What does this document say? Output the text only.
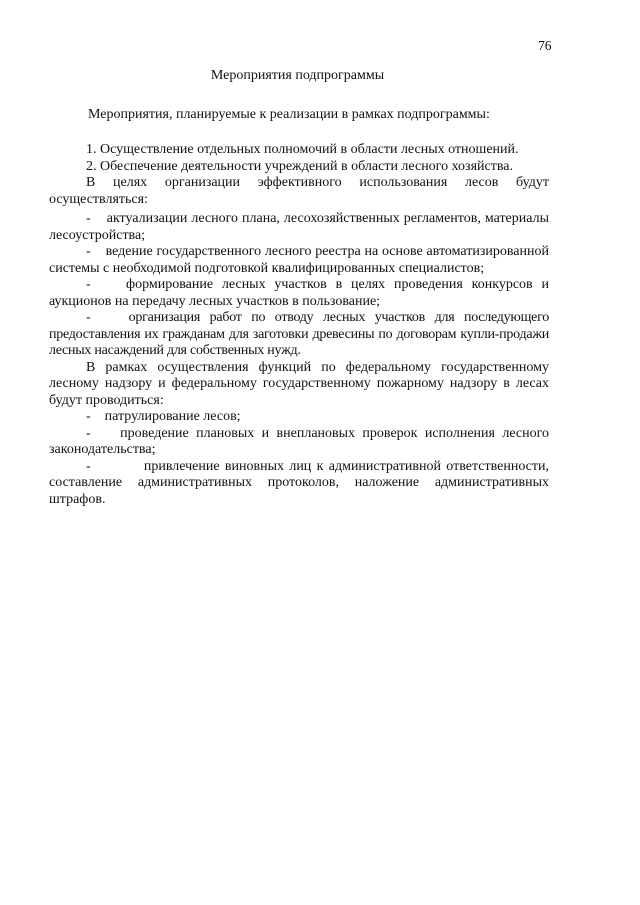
76
Мероприятия подпрограммы
Мероприятия, планируемые к реализации в рамках подпрограммы:

1. Осуществление отдельных полномочий в области лесных отношений.

2. Обеспечение деятельности учреждений в области лесного хозяйства.

В целях организации эффективного использования лесов будут осуществляться:

-    актуализации лесного плана, лесохозяйственных регламентов, материалы лесоустройства;

-    ведение государственного лесного реестра на основе автоматизированной системы с необходимой подготовкой квалифицированных специалистов;

-    формирование лесных участков в целях проведения конкурсов и аукционов на передачу лесных участков в пользование;

-    организация работ по отводу лесных участков для последующего предоставления их гражданам для заготовки древесины по договорам купли-продажи лесных насаждений для собственных нужд.

В рамках осуществления функций по федеральному государственному лесному надзору и федеральному государственному пожарному надзору в лесах будут проводиться:

-    патрулирование лесов;

-    проведение плановых и внеплановых проверок исполнения лесного законодательства;

-          привлечение виновных лиц к административной ответственности, составление административных протоколов, наложение административных штрафов.
